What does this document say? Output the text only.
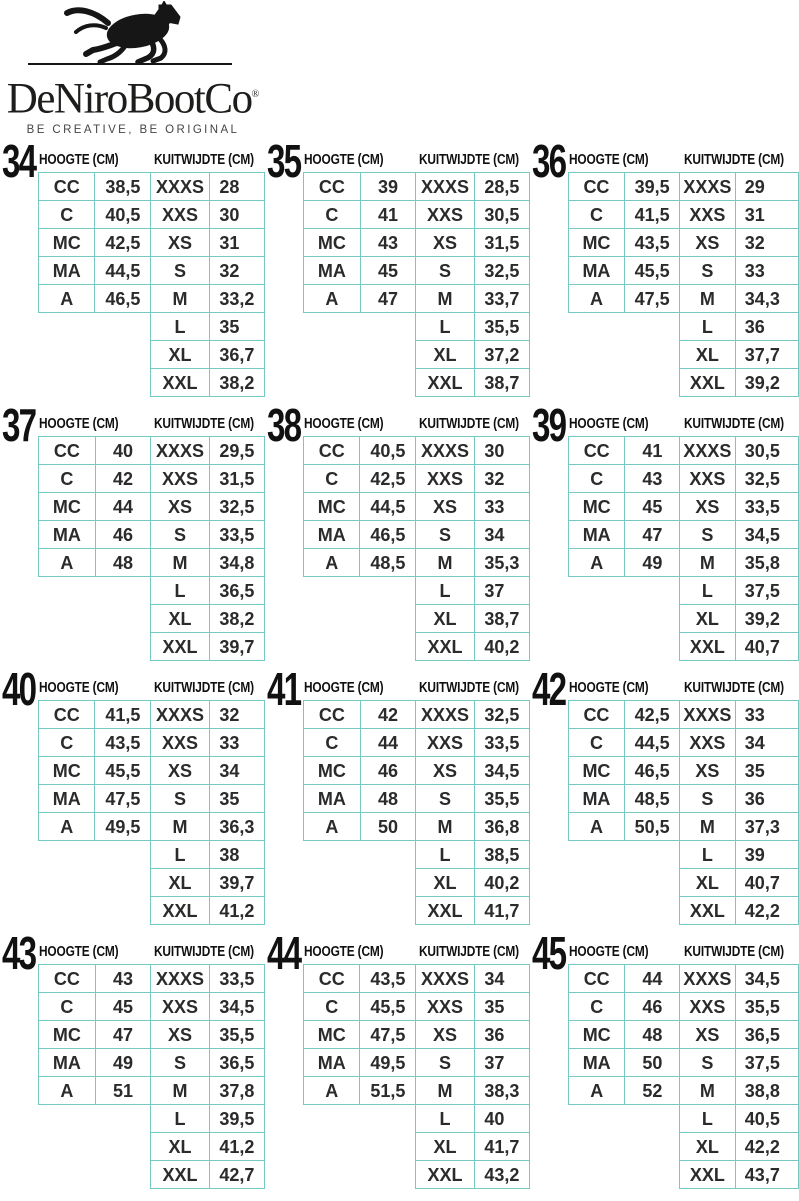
DeNiroBootCo®
BE CREATIVE, BE ORIGINAL
34 HOOGTE (CM) KUITWIJDTE (CM)
CC	38,5
C	40,5
MC	42,5
MA	44,5
A	46,5
XXXS	28
XXS	30
XS	31
S	32
M	33,2
L	35
XL	36,7
XXL	38,2
35 HOOGTE (CM) KUITWIJDTE (CM)
CC	39
C	41
MC	43
MA	45
A	47
XXXS	28,5
XXS	30,5
XS	31,5
S	32,5
M	33,7
L	35,5
XL	37,2
XXL	38,7
36 HOOGTE (CM) KUITWIJDTE (CM)
CC	39,5
C	41,5
MC	43,5
MA	45,5
A	47,5
XXXS	29
XXS	31
XS	32
S	33
M	34,3
L	36
XL	37,7
XXL	39,2
37 HOOGTE (CM) KUITWIJDTE (CM)
CC	40
C	42
MC	44
MA	46
A	48
XXXS	29,5
XXS	31,5
XS	32,5
S	33,5
M	34,8
L	36,5
XL	38,2
XXL	39,7
38 HOOGTE (CM) KUITWIJDTE (CM)
CC	40,5
C	42,5
MC	44,5
MA	46,5
A	48,5
XXXS	30
XXS	32
XS	33
S	34
M	35,3
L	37
XL	38,7
XXL	40,2
39 HOOGTE (CM) KUITWIJDTE (CM)
CC	41
C	43
MC	45
MA	47
A	49
XXXS	30,5
XXS	32,5
XS	33,5
S	34,5
M	35,8
L	37,5
XL	39,2
XXL	40,7
40 HOOGTE (CM) KUITWIJDTE (CM)
CC	41,5
C	43,5
MC	45,5
MA	47,5
A	49,5
XXXS	32
XXS	33
XS	34
S	35
M	36,3
L	38
XL	39,7
XXL	41,2
41 HOOGTE (CM) KUITWIJDTE (CM)
CC	42
C	44
MC	46
MA	48
A	50
XXXS	32,5
XXS	33,5
XS	34,5
S	35,5
M	36,8
L	38,5
XL	40,2
XXL	41,7
42 HOOGTE (CM) KUITWIJDTE (CM)
CC	42,5
C	44,5
MC	46,5
MA	48,5
A	50,5
XXXS	33
XXS	34
XS	35
S	36
M	37,3
L	39
XL	40,7
XXL	42,2
43 HOOGTE (CM) KUITWIJDTE (CM)
CC	43
C	45
MC	47
MA	49
A	51
XXXS	33,5
XXS	34,5
XS	35,5
S	36,5
M	37,8
L	39,5
XL	41,2
XXL	42,7
44 HOOGTE (CM) KUITWIJDTE (CM)
CC	43,5
C	45,5
MC	47,5
MA	49,5
A	51,5
XXXS	34
XXS	35
XS	36
S	37
M	38,3
L	40
XL	41,7
XXL	43,2
45 HOOGTE (CM) KUITWIJDTE (CM)
CC	44
C	46
MC	48
MA	50
A	52
XXXS	34,5
XXS	35,5
XS	36,5
S	37,5
M	38,8
L	40,5
XL	42,2
XXL	43,7
